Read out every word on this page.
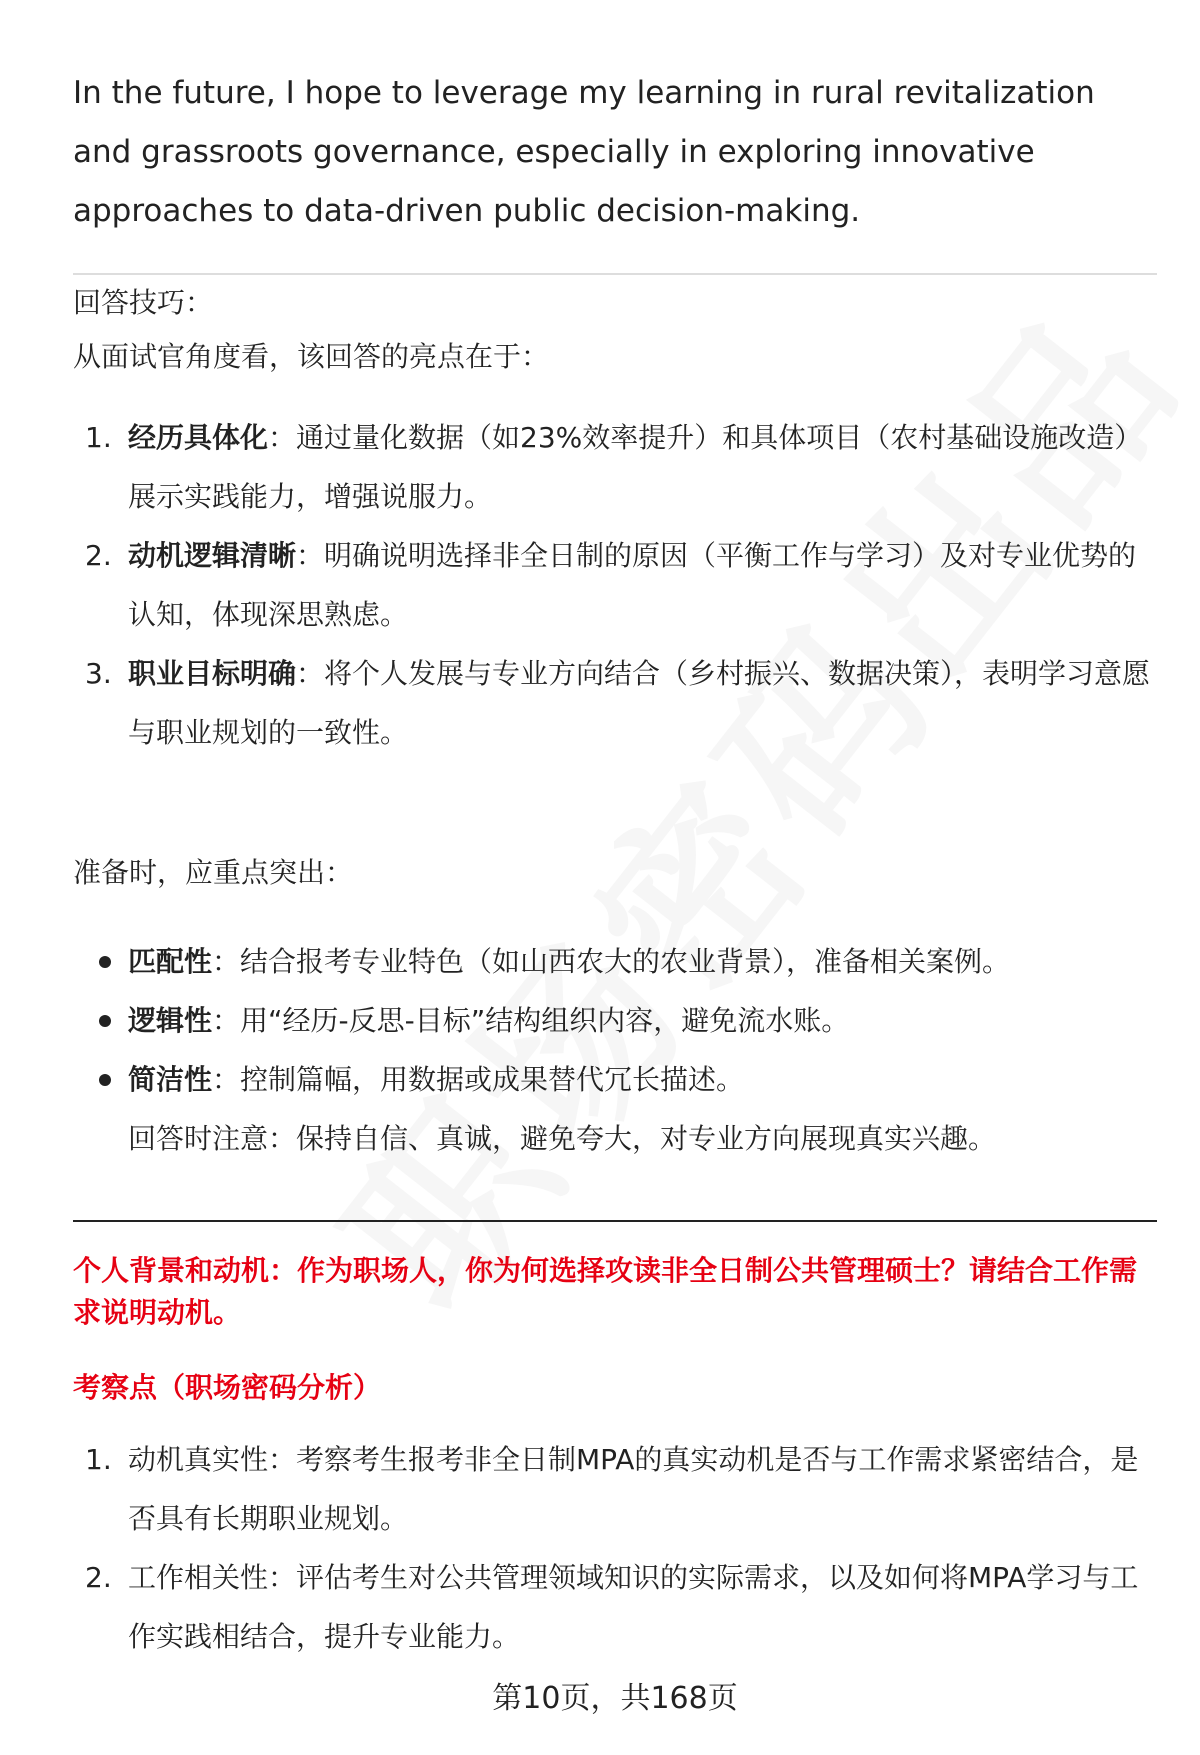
In the future, I hope to leverage my learning in rural revitalization and grassroots governance, especially in exploring innovative approaches to data-driven public decision-making.

回答技巧：

从面试官角度看，该回答的亮点在于：

1. 经历具体化：通过量化数据（如23%效率提升）和具体项目（农村基础设施改造）展示实践能力，增强说服力。
2. 动机逻辑清晰：明确说明选择非全日制的原因（平衡工作与学习）及对专业优势的认知，体现深思熟虑。
3. 职业目标明确：将个人发展与专业方向结合（乡村振兴、数据决策），表明学习意愿与职业规划的一致性。

准备时，应重点突出：

匹配性：结合报考专业特色（如山西农大的农业背景），准备相关案例。
逻辑性：用“经历-反思-目标”结构组织内容，避免流水账。
简洁性：控制篇幅，用数据或成果替代冗长描述。
回答时注意：保持自信、真诚，避免夸大，对专业方向展现真实兴趣。

个人背景和动机：作为职场人，你为何选择攻读非全日制公共管理硕士？请结合工作需求说明动机。

考察点（职场密码分析）

1. 动机真实性：考察考生报考非全日制MPA的真实动机是否与工作需求紧密结合，是否具有长期职业规划。
2. 工作相关性：评估考生对公共管理领域知识的实际需求，以及如何将MPA学习与工作实践相结合，提升专业能力。

第10页，共168页
